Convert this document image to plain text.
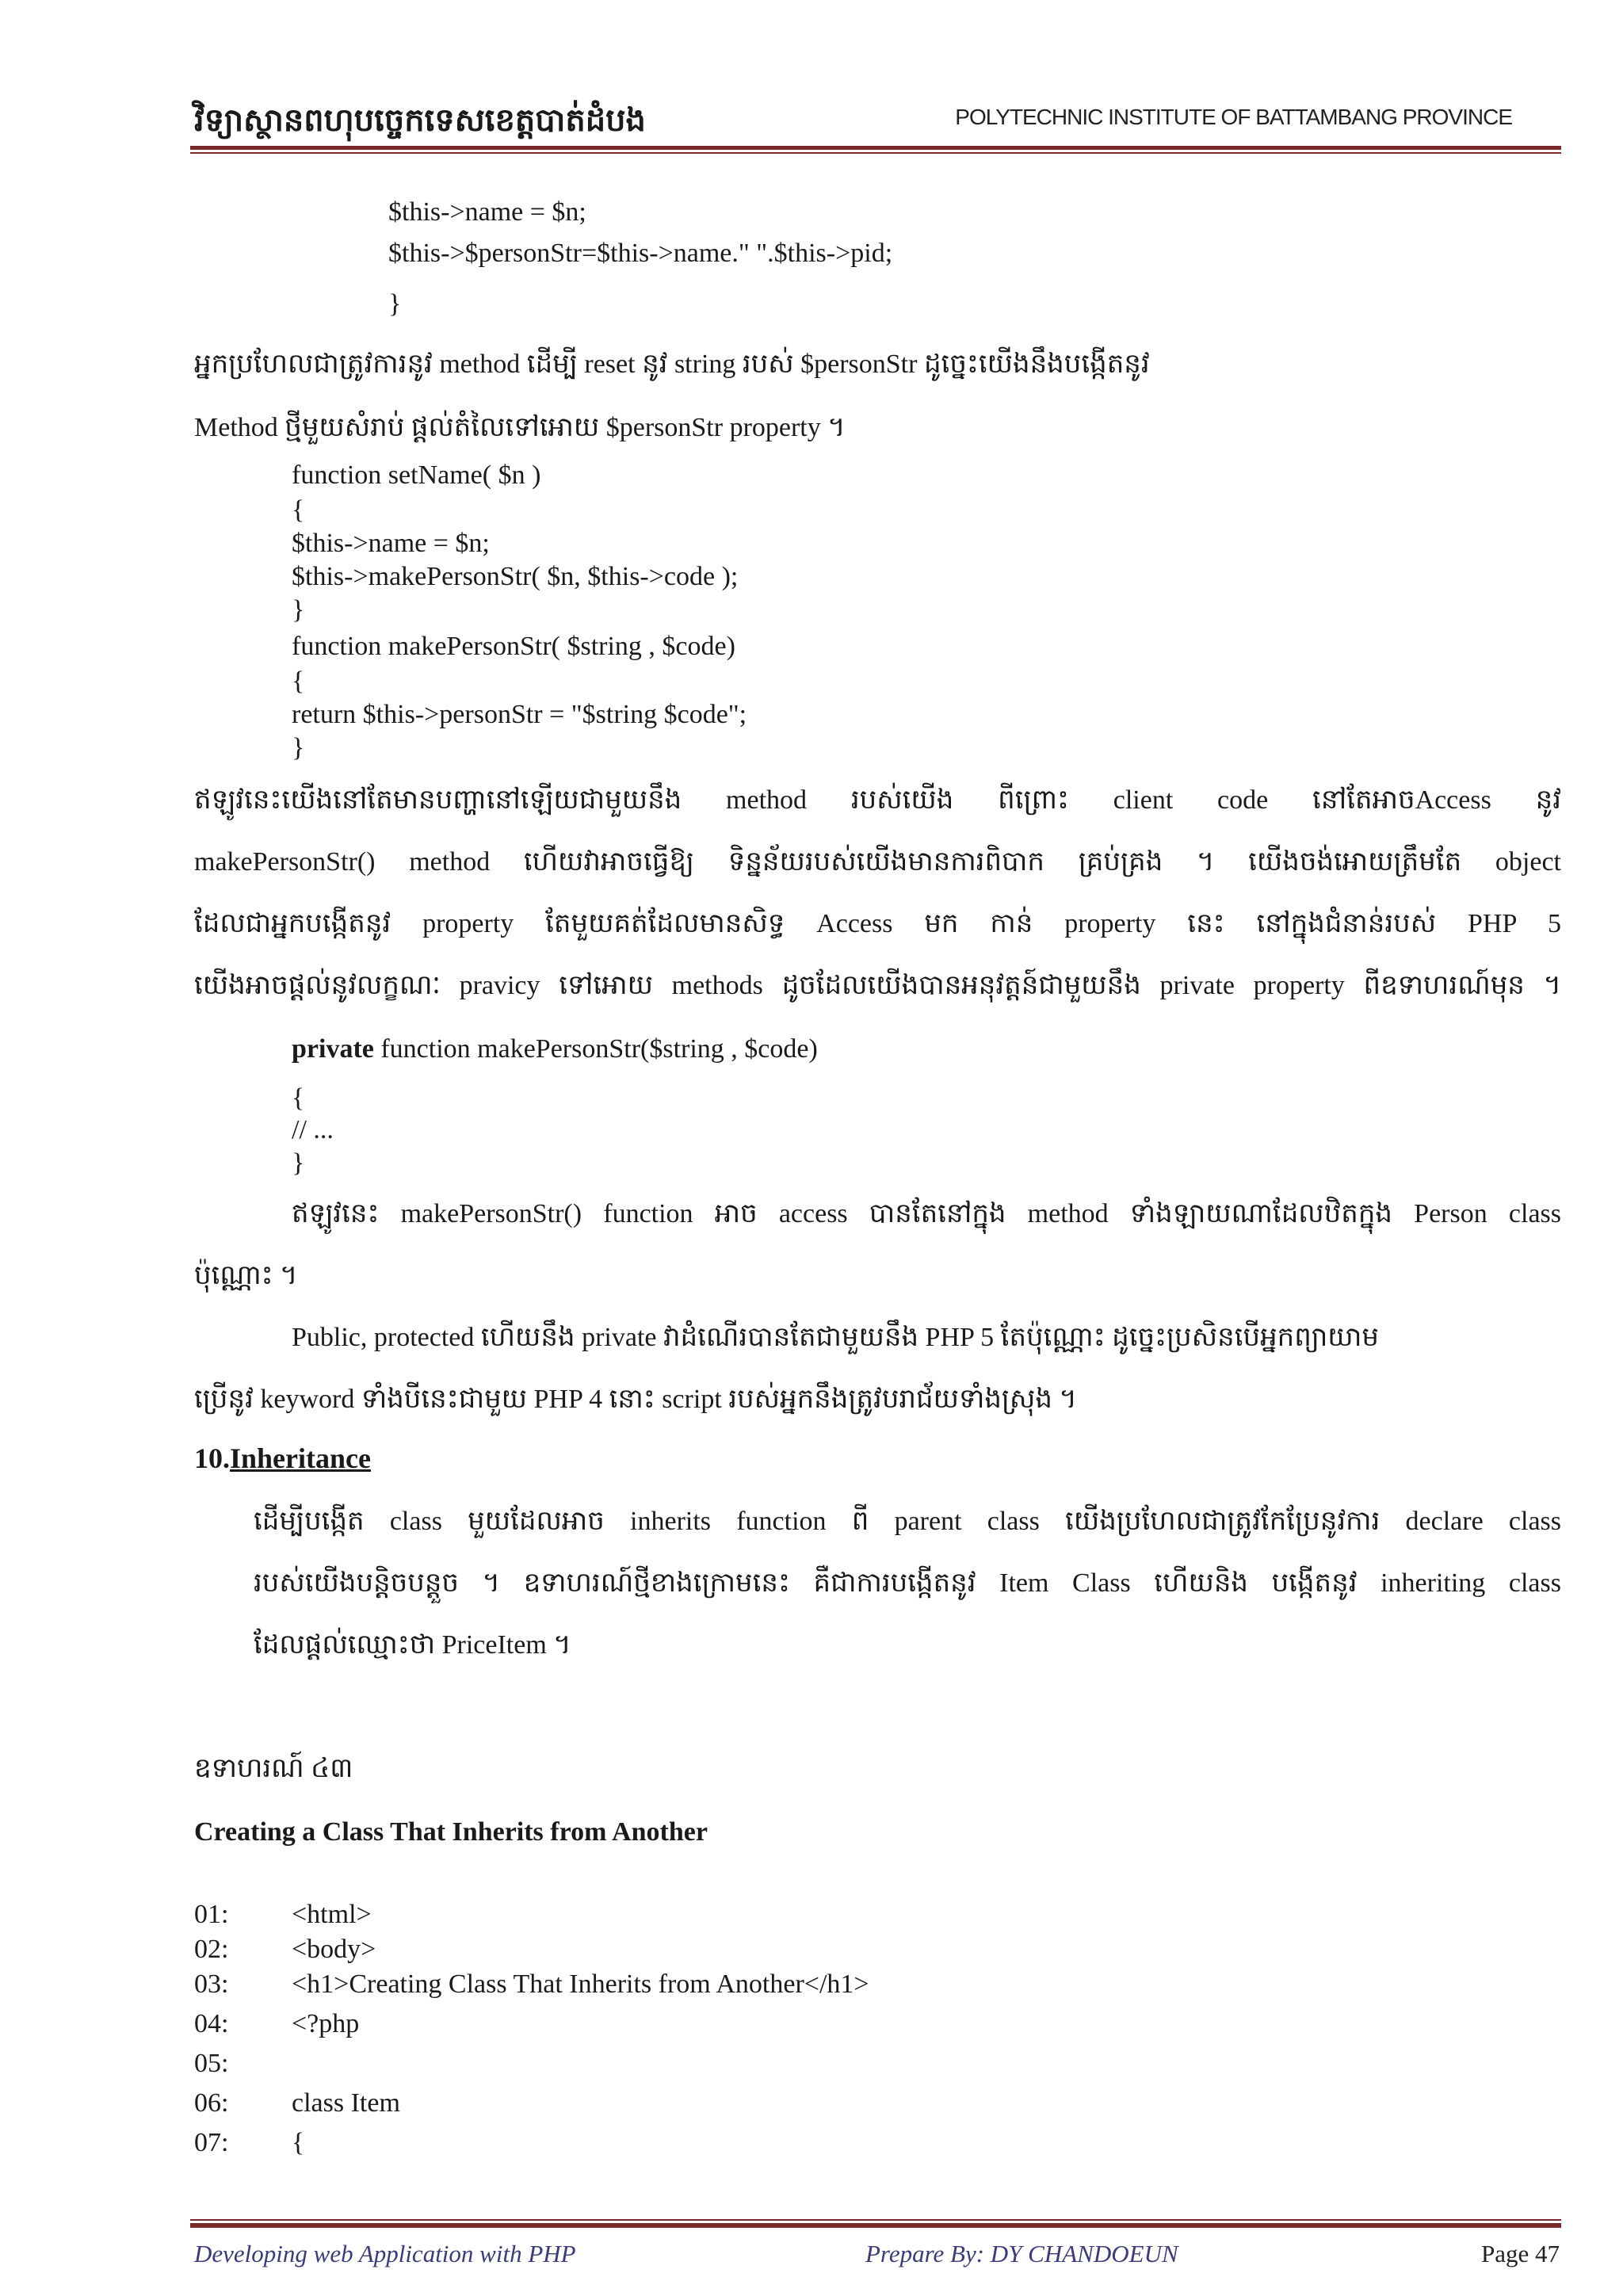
វិទ្យាស្ថានពហុបច្ចេកទេសខេត្តបាត់ដំបង	POLYTECHNIC INSTITUTE OF BATTAMBANG PROVINCE
$this->name = $n;
$this->$personStr=$this->name." ".$this->pid;
}
អ្នកប្រហែលជាត្រូវការនូវ method ដើម្បី reset នូវ string របស់ $personStr ដូច្នេះយើងនឹងបង្កើតនូវ
Method ថ្មីមួយសំរាប់ ផ្តល់តំលៃទៅអោយ $personStr property ។
function setName( $n )
{
$this->name = $n;
$this->makePersonStr( $n, $this->code );
}
function makePersonStr( $string , $code)
{
return $this->personStr = "$string $code";
}
ឥឡូវនេះយើងនៅតែមានបញ្ហានៅឡើយជាមួយនឹង method របស់យើង ពីព្រោះ client code នៅតែអាចAccess នូវ
makePersonStr() method ហើយវាអាចធ្វើឱ្យ ទិន្នន័យរបស់យើងមានការពិបាក គ្រប់គ្រង ។ យើងចង់អោយត្រឹមតែ object
ដែលជាអ្នកបង្កើតនូវ property តែមួយគត់ដែលមានសិទ្ធ Access មក កាន់ property នេះ នៅក្នុងជំនាន់របស់ PHP 5
យើងអាចផ្តល់នូវលក្ខណៈ pravicy ទៅអោយ methods ដូចដែលយើងបានអនុវត្តន៍ជាមួយនឹង private property ពីឧទាហរណ៍មុន ។
private function makePersonStr($string , $code)
{
// ...
}
ឥឡូវនេះ makePersonStr() function អាច access បានតែនៅក្នុង method ទាំងឡាយណាដែលឋិតក្នុង Person class
ប៉ុណ្ណោះ ។
Public, protected ហើយនឹង private វាដំណើរបានតែជាមួយនឹង PHP 5 តែប៉ុណ្ណោះ ដូច្នេះប្រសិនបើអ្នកព្យាយាម
ប្រើនូវ keyword ទាំងបីនេះជាមួយ PHP 4 នោះ script របស់អ្នកនឹងត្រូវបរាជ័យទាំងស្រុង ។
10.Inheritance
ដើម្បីបង្កើត class មួយដែលអាច inherits function ពី parent class យើងប្រហែលជាត្រូវកែប្រែនូវការ declare class
របស់យើងបន្តិចបន្តួច ។ ឧទាហរណ៍ថ្មីខាងក្រោមនេះ គឺជាការបង្កើតនូវ Item Class ហើយនិង បង្កើតនូវ inheriting class
ដែលផ្តល់ឈ្មោះថា PriceItem ។
ឧទាហរណ៍ ៤៣
Creating a Class That Inherits from Another
01: <html>
02: <body>
03: <h1>Creating Class That Inherits from Another</h1>
04: <?php
05:
06: class Item
07: {
Developing web Application with PHP	Prepare By: DY CHANDOEUN	Page 47
